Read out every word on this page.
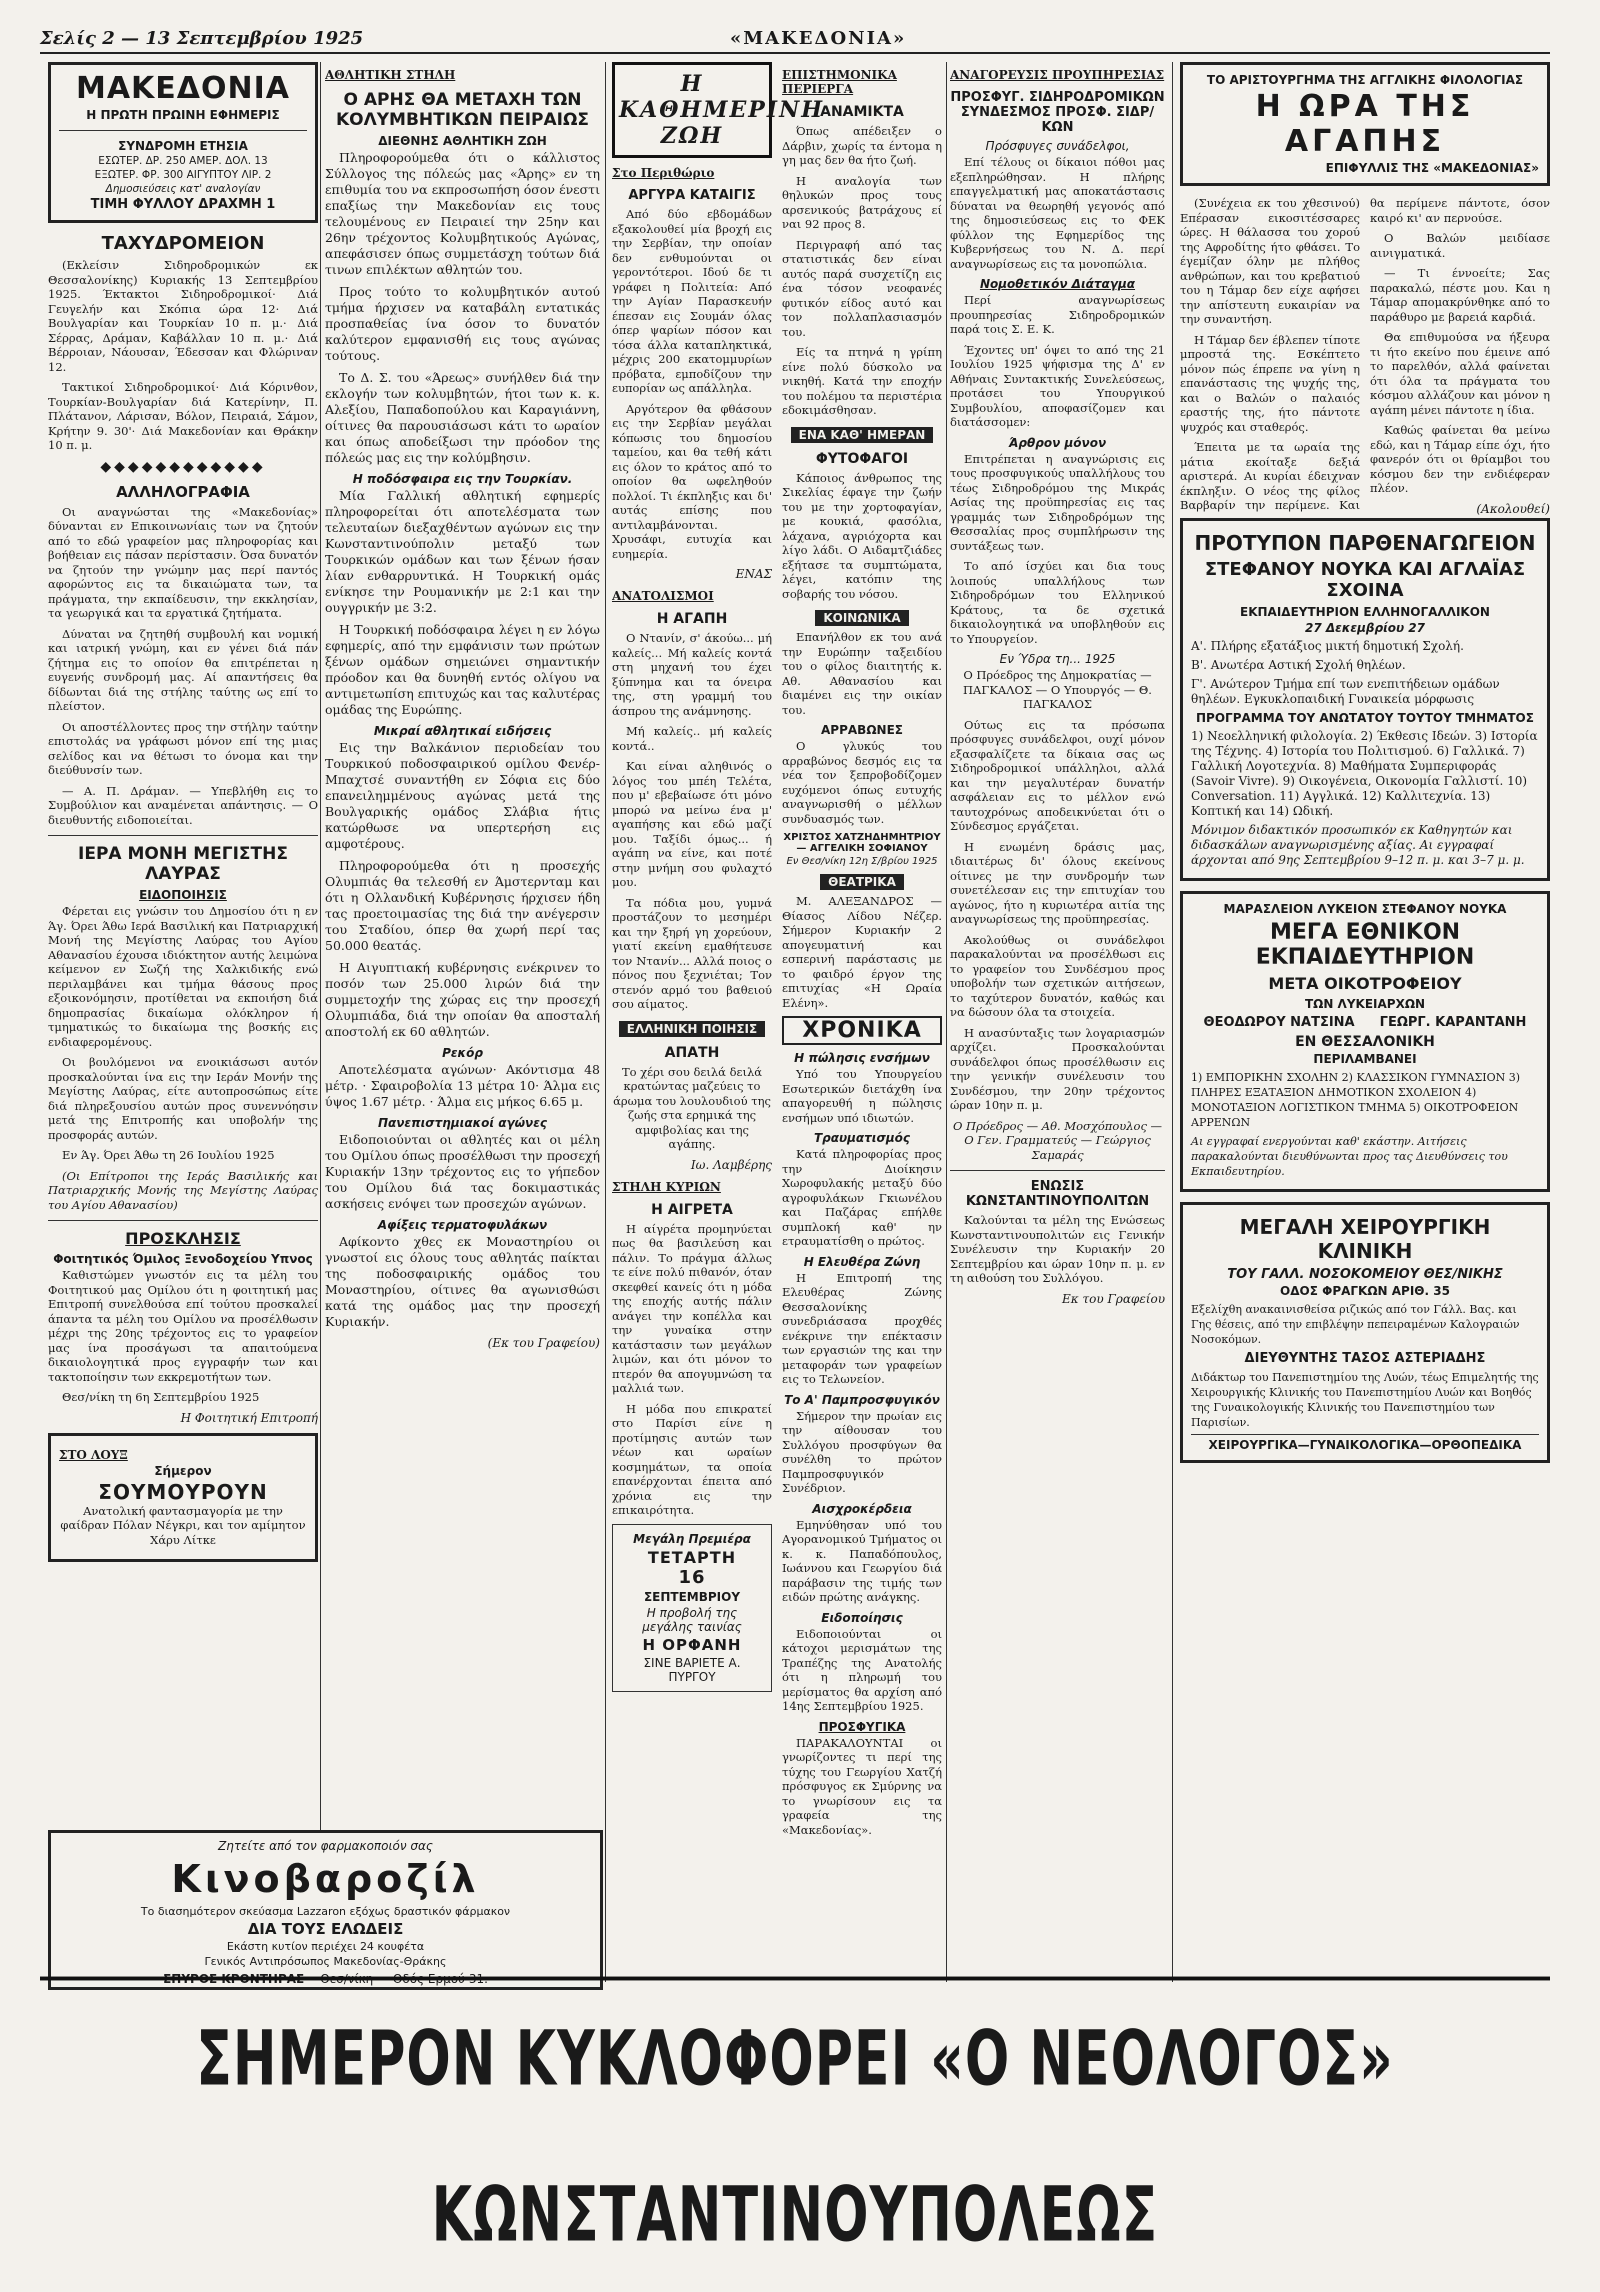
Σελίς 2 — 13 Σεπτεμβρίου 1925	«ΜΑΚΕΔΟΝΙΑ»
ΜΑΚΕΔΟΝΙΑ
Η ΠΡΩΤΗ ΠΡΩΙΝΗ ΕΦΗΜΕΡΙΣ
ΣΥΝΔΡΟΜΗ ΕΤΗΣΙΑ
ΕΣΩΤΕΡ. ΔΡ. 250 ΑΜΕΡ. ΔΟΛ. 13
ΕΞΩΤΕΡ. ΦΡ. 300 ΑΙΓΥΠΤΟΥ ΛΙΡ. 2
Δημοσιεύσεις κατ' αναλογίαν
ΤΙΜΗ ΦΥΛΛΟΥ ΔΡΑΧΜΗ 1
ΤΑΧΥΔΡΟΜΕΙΟΝ

(Εκλείσιν Σιδηροδρομικών εκ Θεσσαλονίκης) Κυριακής 13 Σεπτεμβρίου 1925. Έκτακτοι Σιδηροδρομικοί· Διά Γευγελήν και Σκόπια ώρα 12· Διά Βουλγαρίαν και Τουρκίαν 10 π. μ.· Διά Σέρρας, Δράμαν, Καβάλλαν 10 π. μ.· Διά Βέρροιαν, Νάουσαν, Έδεσσαν και Φλώριναν 12.

Τακτικοί Σιδηροδρομικοί· Διά Κόρινθον, Τουρκίαν-Βουλγαρίαν διά Κατερίνην, Π. Πλάτανον, Λάρισαν, Βόλον, Πειραιά, Σάμον, Κρήτην 9. 30'· Διά Μακεδονίαν και Θράκην 10 π. μ.

◆◆◆◆◆◆◆◆◆◆◆◆
ΑΛΛΗΛΟΓΡΑΦΙΑ

Οι αναγνώσται της «Μακεδονίας» δύνανται εν Επικοινωνίαις των να ζητούν από το εδώ γραφείον μας πληροφορίας και βοήθειαν εις πάσαν περίστασιν. Όσα δυνατόν να ζητούν την γνώμην μας περί παντός αφορώντος εις τα δικαιώματα των, τα πράγματα, την εκπαίδευσιν, την εκκλησίαν, τα γεωργικά και τα εργατικά ζητήματα.

Δύναται να ζητηθή συμβουλή και νομική και ιατρική γνώμη, και εν γένει διά πάν ζήτημα εις το οποίον θα επιτρέπεται η ευγενής συνδρομή μας. Αί απαντήσεις θα δίδωνται διά της στήλης ταύτης ως επί το πλείστον.

Οι αποστέλλοντες προς την στήλην ταύτην επιστολάς να γράφωσι μόνον επί της μιας σελίδος και να θέτωσι το όνομα και την διεύθυνσίν των.

— Α. Π. Δράμαν. — Υπεβλήθη εις το Συμβούλιον και αναμένεται απάντησις. — Ο διευθυντής ειδοποιείται.

ΙΕΡΑ ΜΟΝΗ ΜΕΓΙΣΤΗΣ ΛΑΥΡΑΣ
ΕΙΔΟΠΟΙΗΣΙΣ

Φέρεται εις γνώσιν του Δημοσίου ότι η εν Άγ. Όρει Άθω Ιερά Βασιλική και Πατριαρχική Μονή της Μεγίστης Λαύρας του Αγίου Αθανασίου έχουσα ιδιόκτητον αυτής λειμώνα κείμενον εν Σωζή της Χαλκιδικής ενώ περιλαμβάνει και τμήμα θάσους προς εξοικονόμησιν, προτίθεται να εκποιήση διά δημοπρασίας δικαίωμα ολόκληρον ή τμηματικώς το δικαίωμα της βοσκής εις ενδιαφερομένους.

Οι βουλόμενοι να ενοικιάσωσι αυτόν προσκαλούνται ίνα εις την Ιεράν Μονήν της Μεγίστης Λαύρας, είτε αυτοπροσώπως είτε διά πληρεξουσίου αυτών προς συνεννόησιν μετά της Επιτροπής και υποβολήν της προσφοράς αυτών.

Εν Άγ. Όρει Άθω τη 26 Ιουλίου 1925

(Οι Επίτροποι της Ιεράς Βασιλικής και Πατριαρχικής Μονής της Μεγίστης Λαύρας του Αγίου Αθανασίου)

ΠΡΟΣΚΛΗΣΙΣ
Φοιτητικός Όμιλος Ξενοδοχείου Υπνος

Καθιστώμεν γνωστόν εις τα μέλη του Φοιτητικού μας Ομίλου ότι η φοιτητική μας Επιτροπή συνελθούσα επί τούτου προσκαλεί άπαντα τα μέλη του Ομίλου να προσέλθωσιν μέχρι της 20ης τρέχοντος εις το γραφείον μας ίνα προσάγωσι τα απαιτούμενα δικαιολογητικά προς εγγραφήν των και τακτοποίησιν των εκκρεμοτήτων των.

Θεσ/νίκη τη 6η Σεπτεμβρίου 1925

Η Φοιτητική Επιτροπή
ΣΤΟ ΛΟΥΞ
Σήμερον
ΣΟΥΜΟΥΡΟΥΝ

Ανατολική φαντασμαγορία με την φαίδραν Πόλαν Νέγκρι, και τον αμίμητον Χάρυ Λίτκε

ΑΘΛΗΤΙΚΗ ΣΤΗΛΗ
Ο ΑΡΗΣ ΘΑ ΜΕΤΑΧΗ ΤΩΝ ΚΟΛΥΜΒΗΤΙΚΩΝ ΠΕΙΡΑΙΩΣ
ΔΙΕΘΝΗΣ ΑΘΛΗΤΙΚΗ ΖΩΗ

Πληροφορούμεθα ότι ο κάλλιστος Σύλλογος της πόλεώς μας «Άρης» εν τη επιθυμία του να εκπροσωπήση όσον ένεστι επαξίως την Μακεδονίαν εις τους τελουμένους εν Πειραιεί την 25ην και 26ην τρέχοντος Κολυμβητικούς Αγώνας, απεφάσισεν όπως συμμετάσχη τούτων διά τινων επιλέκτων αθλητών του.

Προς τούτο το κολυμβητικόν αυτού τμήμα ήρχισεν να καταβάλη εντατικάς προσπαθείας ίνα όσον το δυνατόν καλύτερον εμφανισθή εις τους αγώνας τούτους.

Το Δ. Σ. του «Άρεως» συνήλθεν διά την εκλογήν των κολυμβητών, ήτοι των κ. κ. Αλεξίου, Παπαδοπούλου και Καραγιάννη, οίτινες θα παρουσιάσωσι κάτι το ωραίον και όπως αποδείξωσι την πρόοδον της πόλεώς μας εις την κολύμβησιν.

Η ποδόσφαιρα εις την Τουρκίαν.

Μία Γαλλική αθλητική εφημερίς πληροφορείται ότι αποτελέσματα των τελευταίων διεξαχθέντων αγώνων εις την Κωνσταντινούπολιν μεταξύ των Τουρκικών ομάδων και των ξένων ήσαν λίαν ενθαρρυντικά. Η Τουρκική ομάς ενίκησε την Ρουμανικήν με 2:1 και την ουγγρικήν με 3:2.

Η Τουρκική ποδόσφαιρα λέγει η εν λόγω εφημερίς, από την εμφάνισιν των πρώτων ξένων ομάδων σημειώνει σημαντικήν πρόοδον και θα δυνηθή εντός ολίγου να αντιμετωπίση επιτυχώς και τας καλυτέρας ομάδας της Ευρώπης.

Μικραί αθλητικαί ειδήσεις

Εις την Βαλκάνιον περιοδείαν του Τουρκικού ποδοσφαιρικού ομίλου Φενέρ-Μπαχτσέ συναντήθη εν Σόφια εις δύο επανειλημμένους αγώνας μετά της Βουλγαρικής ομάδος Σλάβια ήτις κατώρθωσε να υπερτερήση εις αμφοτέρους.

Πληροφορούμεθα ότι η προσεχής Ολυμπιάς θα τελεσθή εν Άμστερνταμ και ότι η Ολλανδική Κυβέρνησις ήρχισεν ήδη τας προετοιμασίας της διά την ανέγερσιν του Σταδίου, όπερ θα χωρή περί τας 50.000 θεατάς.

Η Αιγυπτιακή κυβέρνησις ενέκρινεν το ποσόν των 25.000 λιρών διά την συμμετοχήν της χώρας εις την προσεχή Ολυμπιάδα, διά την οποίαν θα αποσταλή αποστολή εκ 60 αθλητών.

Ρεκόρ

Αποτελέσματα αγώνων· Ακόντισμα 48 μέτρ. · Σφαιροβολία 13 μέτρα 10· Άλμα εις ύψος 1.67 μέτρ. · Άλμα εις μήκος 6.65 μ.

Πανεπιστημιακοί αγώνες

Ειδοποιούνται οι αθλητές και οι μέλη του Ομίλου όπως προσέλθωσι την προσεχή Κυριακήν 13ην τρέχοντος εις το γήπεδον του Ομίλου διά τας δοκιμαστικάς ασκήσεις ενόψει των προσεχών αγώνων.

Αφίξεις τερματοφυλάκων

Αφίκοντο χθες εκ Μοναστηρίου οι γνωστοί εις όλους τους αθλητάς παίκται της ποδοσφαιρικής ομάδος του Μοναστηρίου, οίτινες θα αγωνισθώσι κατά της ομάδος μας την προσεχή Κυριακήν.

(Εκ του Γραφείου)
Η ΚΑΘΗΜΕΡΙΝΗ ΖΩΗ
Στο Περιθώριο
ΑΡΓΥΡΑ ΚΑΤΑΙΓΙΣ

Από δύο εβδομάδων εξακολουθεί μία βροχή εις την Σερβίαν, την οποίαν δεν ενθυμούνται οι γεροντότεροι. Ιδού δε τι γράφει η Πολιτεία: Από την Αγίαν Παρασκευήν έπεσαν εις Σουμάν όλας όπερ ψαρίων πόσον και τόσα άλλα καταπληκτικά, μέχρις 200 εκατομμυρίων πρόβατα, εμποδίζουν την ευπορίαν ως απάλληλα.

Αργότερον θα φθάσουν εις την Σερβίαν μεγάλαι κόπωσις του δημοσίου ταμείου, και θα τεθή κάτι εις όλον το κράτος από το οποίον θα ωφεληθούν πολλοί. Τι έκπληξις και δι' αυτάς επίσης που αντιλαμβάνονται. Χρυσάφι, ευτυχία και ευημερία.

ΕΝΑΣ
ΑΝΑΤΟΛΙΣΜΟΙ
Η ΑΓΑΠΗ

Ο Ντανίν, σ' άκούω... μή καλείς... Μή καλείς κοντά στη μηχανή του έχει ξύπνημα και τα όνειρα της, στη γραμμή του άσπρου της ανάμνησης.

Μή καλείς.. μή καλείς κοντά..

Και είναι αληθινός ο λόγος του μπέη Τελέτα, που μ' εβεβαίωσε ότι μόνο μπορώ να μείνω ένα μ' αγαπήσης και εδώ μαζί μου. Ταξίδι όμως... ή αγάπη να είνε, και ποτέ στην μνήμη σου φυλαχτό μου.

Τα πόδια μου, γυμνά προστάζουν το μεσημέρι και την ξηρή γη χορεύουν, γιατί εκείνη εμαθήτευσε τον Ντανίν... Αλλά ποιος ο πόνος που ξεχνιέται; Τον στενόν αρμό του βαθειού σου αίματος.

ΕΛΛΗΝΙΚΗ ΠΟΙΗΣΙΣ
ΑΠΑΤΗ

Το χέρι σου δειλά δειλά κρατώντας μαζεύεις το άρωμα του λουλουδιού της ζωής στα ερημικά της αμφιβολίας και της αγάπης.

Ιω. Λαμβέρης
ΣΤΗΛΗ ΚΥΡΙΩΝ
Η ΑΙΓΡΕΤΑ

Η αίγρέτα προμηνύεται πως θα βασιλεύση και πάλιν. Το πράγμα άλλως τε είνε πολύ πιθανόν, όταν σκεφθεί κανείς ότι η μόδα της εποχής αυτής πάλιν ανάγει την κοπέλλα και την γυναίκα στην κατάστασιν των μεγάλων λιμών, και ότι μόνον το πτερόν θα απογυμνώση τα μαλλιά των.

Η μόδα που επικρατεί στο Παρίσι είνε η προτίμησις αυτών των νέων και ωραίων κοσμημάτων, τα οποία επανέρχονται έπειτα από χρόνια εις την επικαιρότητα.

Μεγάλη Πρεμιέρα
ΤΕΤΑΡΤΗ
16
ΣΕΠΤΕΜΒΡΙΟΥ
Η προβολή της μεγάλης ταινίας
Η ΟΡΦΑΝΗ
ΣΙΝΕ ΒΑΡΙΕΤΕ Α. ΠΥΡΓΟΥ
ΕΠΙΣΤΗΜΟΝΙΚΑ ΠΕΡΙΕΡΓΑ
ΑΝΑΜΙΚΤΑ

Όπως απέδειξεν ο Δάρβιν, χωρίς τα έντομα η γη μας δεν θα ήτο ζωή.

Η αναλογία των θηλυκών προς τους αρσενικούς βατράχους εί ναι 92 προς 8.

Περιγραφή από τας στατιστικάς δεν είναι αυτός παρά συσχετίζη εις ένα τόσον νεοφανές φυτικόν είδος αυτό και τον πολλαπλασιασμόν του.

Είς τα πτηνά η γρίπη είνε πολύ δύσκολο να νικηθή. Κατά την εποχήν του πολέμου τα περιστέρια εδοκιμάσθησαν.

ΕΝΑ ΚΑΘ' ΗΜΕΡΑΝ
ΦΥΤΟΦΑΓΟΙ

Κάποιος άνθρωπος της Σικελίας έφαγε την ζωήν του με την χορτοφαγίαν, με κουκιά, φασόλια, λάχανα, αγριόχορτα και λίγο λάδι. Ο Αιδαμτζιάδες εξήτασε τα συμπτώματα, λέγει, κατόπιν της σοβαρής του νόσου.

ΚΟΙΝΩΝΙΚΑ

Επανήλθον εκ του ανά την Ευρώπην ταξειδίου του ο φίλος διαιτητής κ. Αθ. Αθανασίου και διαμένει εις την οικίαν του.

ΑΡΡΑΒΩΝΕΣ

Ο γλυκύς του αρραβώνος δεσμός εις τα νέα τον ξεπροβοδίζομεν ευχόμενοι όπως ευτυχής αναγνωρισθή ο μέλλων συνδυασμός των.

ΧΡΙΣΤΟΣ ΧΑΤΖΗΔΗΜΗΤΡΙΟΥ — ΑΓΓΕΛΙΚΗ ΣΟΦΙΑΝΟΥ
Εν Θεσ/νίκη 12η Σ/βρίου 1925
ΘΕΑΤΡΙΚΑ

Μ. ΑΛΕΞΑΝΔΡΟΣ — Θίασος Λίδου Νέζερ. Σήμερον Κυριακήν 2 απογευματινή και εσπερινή παράστασις με το φαιδρό έργον της επιτυχίας «Η Ωραία Ελένη».

ΧΡΟΝΙΚΑ
Η πώλησις ενσήμων

Υπό του Υπουργείου Εσωτερικών διετάχθη ίνα απαγορευθή η πώλησις ενσήμων υπό ιδιωτών.

Τραυματισμός

Κατά πληροφορίας προς την Διοίκησιν Χωροφυλακής μεταξύ δύο αγροφυλάκων Γκιωνέλου και Παζάρας επήλθε συμπλοκή καθ' ην ετραυματίσθη ο πρώτος.

Η Ελευθέρα Ζώνη

Η Επιτροπή της Ελευθέρας Ζώνης Θεσσαλονίκης συνεδριάσασα προχθές ενέκρινε την επέκτασιν των εργασιών της και την μεταφοράν των γραφείων εις το Τελωνείον.

Το Α' Παμπροσφυγικόν

Σήμερον την πρωίαν εις την αίθουσαν του Συλλόγου προσφύγων θα συνέλθη το πρώτον Παμπροσφυγικόν Συνέδριον.

Αισχροκέρδεια

Εμηνύθησαν υπό του Αγορανομικού Τμήματος οι κ. κ. Παπαδόπουλος, Ιωάννου και Γεωργίου διά παράβασιν της τιμής των ειδών πρώτης ανάγκης.

Ειδοποίησις

Ειδοποιούνται οι κάτοχοι μερισμάτων της Τραπέζης της Ανατολής ότι η πληρωμή του μερίσματος θα αρχίση από 14ης Σεπτεμβρίου 1925.

ΠΡΟΣΦΥΓΙΚΑ

ΠΑΡΑΚΑΛΟΥΝΤΑΙ οι γνωρίζοντες τι περί της τύχης του Γεωργίου Χατζή πρόσφυγος εκ Σμύρνης να το γνωρίσουν εις τα γραφεία της «Μακεδονίας».

ΑΝΑΓΟΡΕΥΣΙΣ ΠΡΟΥΠΗΡΕΣΙΑΣ
ΠΡΟΣΦΥΓ. ΣΙΔΗΡΟΔΡΟΜΙΚΩΝ ΣΥΝΔΕΣΜΟΣ ΠΡΟΣΦ. ΣΙΔΡ/ΚΩΝ
Πρόσφυγες συνάδελφοι,

Επί τέλους οι δίκαιοι πόθοι μας εξεπληρώθησαν. Η πλήρης επαγγελματική μας αποκατάστασις δύναται να θεωρηθή γεγονός από της δημοσιεύσεως εις το ΦΕΚ φύλλον της Εφημερίδος της Κυβερνήσεως του Ν. Δ. περί αναγνωρίσεως εις τα μονοπώλια.

Νομοθετικόν Διάταγμα

Περί αναγνωρίσεως προυπηρεσίας Σιδηροδρομικών παρά τοις Σ. Ε. Κ.

Έχοντες υπ' όψει το από της 21 Ιουλίου 1925 ψήφισμα της Δ' εν Αθήναις Συντακτικής Συνελεύσεως, προτάσει του Υπουργικού Συμβουλίου, αποφασίζομεν και διατάσσομεν:

Άρθρον μόνον

Επιτρέπεται η αναγνώρισις εις τους προσφυγικούς υπαλλήλους του τέως Σιδηροδρόμου της Μικράς Ασίας της προϋπηρεσίας εις τας γραμμάς των Σιδηροδρόμων της Θεσσαλίας προς συμπλήρωσιν της συντάξεως των.

Το από ίσχύει και δια τους λοιπούς υπαλλήλους των Σιδηροδρόμων του Ελληνικού Κράτους, τα δε σχετικά δικαιολογητικά να υποβληθούν εις το Υπουργείον.

Εν Ύδρα τη... 1925

Ο Πρόεδρος της Δημοκρατίας — ΠΑΓΚΑΛΟΣ — Ο Υπουργός — Θ. ΠΑΓΚΑΛΟΣ

Ούτως εις τα πρόσωπα πρόσφυγες συνάδελφοι, ουχί μόνον εξασφαλίζετε τα δίκαια σας ως Σιδηροδρομικοί υπάλληλοι, αλλά και την μεγαλυτέραν δυνατήν ασφάλειαν εις το μέλλον ενώ ταυτοχρόνως αποδεικνύεται ότι ο Σύνδεσμος εργάζεται.

Η ενωμένη δράσις μας, ιδιαιτέρως δι' όλους εκείνους οίτινες με την συνδρομήν των συνετέλεσαν εις την επιτυχίαν του αγώνος, ήτο η κυριωτέρα αιτία της αναγνωρίσεως της προϋπηρεσίας.

Ακολούθως οι συνάδελφοι παρακαλούνται να προσέλθωσι εις το γραφείον του Συνδέσμου προς υποβολήν των σχετικών αιτήσεων, το ταχύτερον δυνατόν, καθώς και να δώσουν όλα τα στοιχεία.

Η ανασύνταξις των λογαριασμών αρχίζει. Προσκαλούνται συνάδελφοι όπως προσέλθωσιν εις την γενικήν συνέλευσιν του Συνδέσμου, την 20ην τρέχοντος ώραν 10ην π. μ.

Ο Πρόεδρος — Αθ. Μοσχόπουλος — Ο Γεν. Γραμματεύς — Γεώργιος Σαμαράς

ΕΝΩΣΙΣ ΚΩΝΣΤΑΝΤΙΝΟΥΠΟΛΙΤΩΝ

Καλούνται τα μέλη της Ενώσεως Κωνσταντινουπολιτών εις Γενικήν Συνέλευσιν την Κυριακήν 20 Σεπτεμβρίου και ώραν 10ην π. μ. εν τη αιθούση του Συλλόγου.

Εκ του Γραφείου
ΤΟ ΑΡΙΣΤΟΥΡΓΗΜΑ ΤΗΣ ΑΓΓΛΙΚΗΣ ΦΙΛΟΛΟΓΙΑΣ
Η ΩΡΑ ΤΗΣ ΑΓΑΠΗΣ
ΕΠΙΦΥΛΛΙΣ ΤΗΣ «ΜΑΚΕΔΟΝΙΑΣ»

(Συνέχεια εκ του χθεσινού) Επέρασαν εικοσιτέσσαρες ώρες. Η θάλασσα του χορού της Αφροδίτης ήτο φθάσει. Το έγεμίζαν όλην με πλήθος ανθρώπων, και του κρεβατιού του η Τάμαρ δεν είχε αφήσει την απίστευτη ευκαιρίαν να την συναντήση.

Η Τάμαρ δεν έβλεπεν τίποτε μπροστά της. Εσκέπτετο μόνον πώς έπρεπε να γίνη η επανάστασις της ψυχής της, και ο Βαλών ο παλαιός εραστής της, ήτο πάντοτε ψυχρός και σταθερός.

Έπειτα με τα ωραία της μάτια εκοίταξε δεξιά αριστερά. Αι κυρίαι έδειχναν έκπληξιν. Ο νέος της φίλος Βαρβαρίν την περίμενε. Και θα περίμενε πάντοτε, όσον καιρό κι' αν περνούσε.

Ο Βαλών μειδίασε αινιγματικά.

— Τι έννοείτε; Σας παρακαλώ, πέστε μου. Και η Τάμαρ απομακρύνθηκε από το παράθυρο με βαρειά καρδιά.

Θα επιθυμούσα να ήξευρα τι ήτο εκείνο που έμεινε από το παρελθόν, αλλά φαίνεται ότι όλα τα πράγματα του κόσμου αλλάζουν και μόνον η αγάπη μένει πάντοτε η ίδια.

Καθώς φαίνεται θα μείνω εδώ, και η Τάμαρ είπε όχι, ήτο φανερόν ότι οι θρίαμβοι του κόσμου δεν την ενδιέφεραν πλέον.

(Ακολουθεί)
ΠΡΟΤΥΠΟΝ ΠΑΡΘΕΝΑΓΩΓΕΙΟΝ
ΣΤΕΦΑΝΟΥ ΝΟΥΚΑ ΚΑΙ ΑΓΛΑΪΑΣ ΣΧΟΙΝΑ
ΕΚΠΑΙΔΕΥΤΗΡΙΟΝ ΕΛΛΗΝΟΓΑΛΛΙΚΟΝ
27 Δεκεμβρίου 27
Α'. Πλήρης εξατάξιος μικτή δημοτική Σχολή.
Β'. Ανωτέρα Αστική Σχολή θηλέων.
Γ'. Ανώτερον Τμήμα επί των ενεπιτήδειων ομάδων θηλέων. Εγκυκλοπαιδική Γυναικεία μόρφωσις
ΠΡΟΓΡΑΜΜΑ ΤΟΥ ΑΝΩΤΑΤΟΥ ΤΟΥΤΟΥ ΤΜΗΜΑΤΟΣ
1) Νεοελληνική φιλολογία. 2) Έκθεσις Ιδεών. 3) Ιστορία της Τέχνης. 4) Ιστορία του Πολιτισμού. 6) Γαλλικά. 7) Γαλλική Λογοτεχνία. 8) Μαθήματα Συμπεριφοράς (Savoir Vivre). 9) Οικογένεια, Οικονομία Γαλλιστί. 10) Conversation. 11) Αγγλικά. 12) Καλλιτεχνία. 13) Κοπτική και 14) Ωδική.
Μόνιμον διδακτικόν προσωπικόν εκ Καθηγητών και διδασκάλων αναγνωρισμένης αξίας. Αι εγγραφαί άρχονται από 9ης Σεπτεμβρίου 9–12 π. μ. και 3–7 μ. μ.
ΜΑΡΑΣΛΕΙΟΝ ΛΥΚΕΙΟΝ ΣΤΕΦΑΝΟΥ ΝΟΥΚΑ
ΜΕΓΑ ΕΘΝΙΚΟΝ ΕΚΠΑΙΔΕΥΤΗΡΙΟΝ
ΜΕΤΑ ΟΙΚΟΤΡΟΦΕΙΟΥ
ΤΩΝ ΛΥΚΕΙΑΡΧΩΝ
ΘΕΟΔΩΡΟΥ ΝΑΤΣΙΝΑ ΓΕΩΡΓ. ΚΑΡΑΝΤΑΝΗ
ΕΝ ΘΕΣΣΑΛΟΝΙΚΗ
ΠΕΡΙΛΑΜΒΑΝΕΙ
1) ΕΜΠΟΡΙΚΗΝ ΣΧΟΛΗΝ 2) ΚΛΑΣΣΙΚΟΝ ΓΥΜΝΑΣΙΟΝ 3) ΠΛΗΡΕΣ ΕΞΑΤΑΞΙΟΝ ΔΗΜΟΤΙΚΟΝ ΣΧΟΛΕΙΟΝ 4) ΜΟΝΟΤΑΞΙΟΝ ΛΟΓΙΣΤΙΚΟΝ ΤΜΗΜΑ 5) ΟΙΚΟΤΡΟΦΕΙΟΝ ΑΡΡΕΝΩΝ
Αι εγγραφαί ενεργούνται καθ' εκάστην. Αιτήσεις παρακαλούνται διευθύνωνται προς τας Διευθύνσεις του Εκπαιδευτηρίου.
ΜΕΓΑΛΗ ΧΕΙΡΟΥΡΓΙΚΗ ΚΛΙΝΙΚΗ
ΤΟΥ ΓΑΛΛ. ΝΟΣΟΚΟΜΕΙΟΥ ΘΕΣ/ΝΙΚΗΣ
ΟΔΟΣ ΦΡΑΓΚΩΝ ΑΡΙΘ. 35
Εξελίχθη ανακαινισθείσα ριζικώς από τον Γάλλ. Βας. και Γης θέσεις, από την επιβλέψην πεπειραμένων Καλογραιών Νοσοκόμων.
ΔΙΕΥΘΥΝΤΗΣ ΤΑΣΟΣ ΑΣΤΕΡΙΑΔΗΣ
Διδάκτωρ του Πανεπιστημίου της Λυών, τέως Επιμελητής της Χειρουργικής Κλινικής του Πανεπιστημίου Λυών και Βοηθός της Γυναικολογικής Κλινικής του Πανεπιστημίου των Παρισίων.
ΧΕΙΡΟΥΡΓΙΚΑ—ΓΥΝΑΙΚΟΛΟΓΙΚΑ—ΟΡΘΟΠΕΔΙΚΑ
Ζητείτε από τον φαρμακοποιόν σας
Κινοβαροζίλ
Το διασημότερον σκεύασμα Lazzaron εξόχως δραστικόν φάρμακον
ΔΙΑ ΤΟΥΣ ΕΛΩΔΕΙΣ
Εκάστη κυτίον περιέχει 24 κουφέτα
Γενικός Αντιπρόσωπος Μακεδονίας-Θράκης
ΣΠΥΡΟΣ ΚΡΟΝΤΗΡΑΣ Θεσ/νίκη — Οδός Ερμού 31.
ΣΗΜΕΡΟΝ ΚΥΚΛΟΦΟΡΕΙ «Ο ΝΕΟΛΟΓΟΣ» ΚΩΝΣΤΑΝΤΙΝΟΥΠΟΛΕΩΣ
